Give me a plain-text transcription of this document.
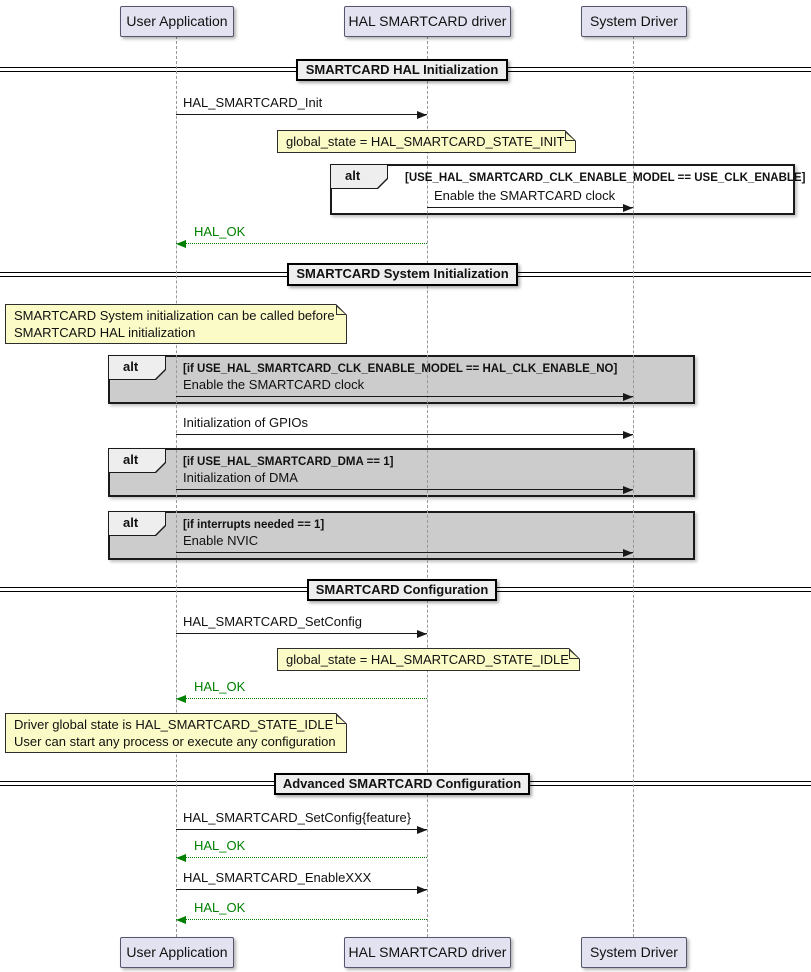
alt	[USE_HAL_SMARTCARD_CLK_ENABLE_MODEL == USE_CLK_ENABLE]
alt	[if USE_HAL_SMARTCARD_CLK_ENABLE_MODEL == HAL_CLK_ENABLE_NO]
alt	[if USE_HAL_SMARTCARD_DMA == 1]
alt	[if interrupts needed == 1]
SMARTCARD HAL Initialization
SMARTCARD System Initialization
SMARTCARD Configuration
Advanced SMARTCARD Configuration
HAL_SMARTCARD_Init
Enable the SMARTCARD clock
HAL_OK
Enable the SMARTCARD clock
Initialization of GPIOs
Initialization of DMA
Enable NVIC
HAL_SMARTCARD_SetConfig
HAL_OK
HAL_SMARTCARD_SetConfig{feature}
HAL_OK
HAL_SMARTCARD_EnableXXX
HAL_OK
global_state = HAL_SMARTCARD_STATE_INIT
SMARTCARD System initialization can be called before
SMARTCARD HAL initialization
global_state = HAL_SMARTCARD_STATE_IDLE
Driver global state is HAL_SMARTCARD_STATE_IDLE
User can start any process or execute any configuration
User Application	HAL SMARTCARD driver	System Driver
User Application	HAL SMARTCARD driver	System Driver
